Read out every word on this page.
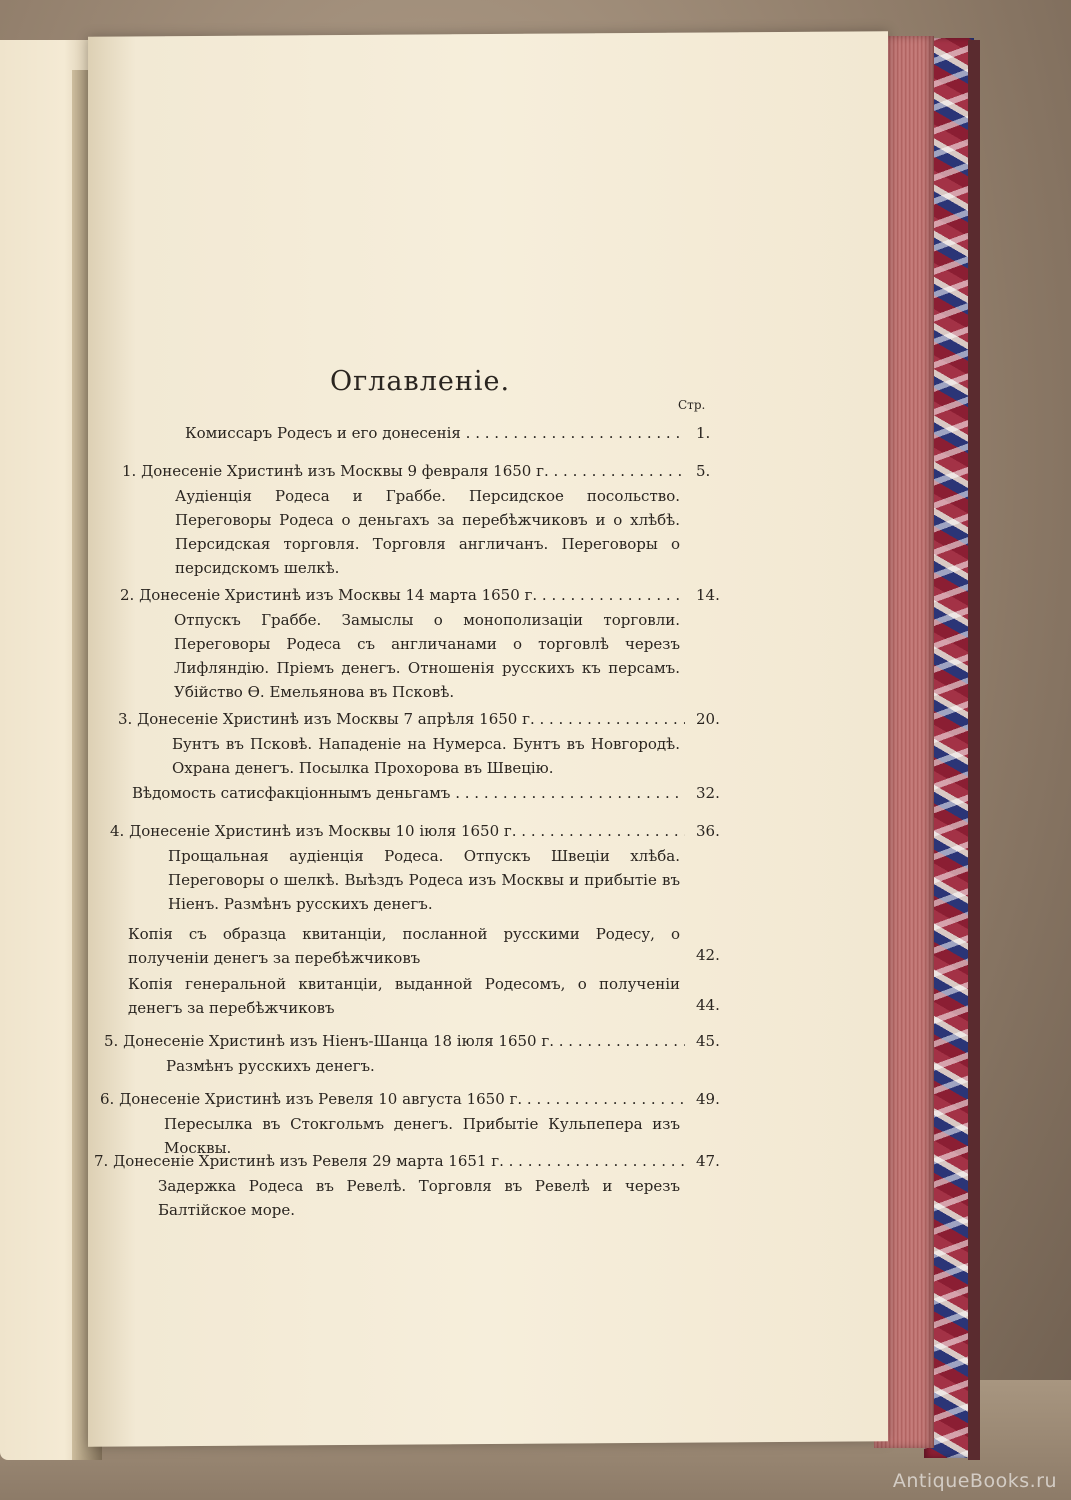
Оглавленіе.
Стр.
Комиссаръ Родесъ и его донесенія . . .	1.
1. Донесеніе Христинѣ изъ Москвы 9 февраля 1650 г. . . .	5.
Аудіенція Родеса и Граббе. Персидское посольство. Переговоры Родеса о деньгахъ за перебѣжчиковъ и о хлѣбѣ. Персидская торговля. Торговля англичанъ. Переговоры о персидскомъ шелкѣ.
2. Донесеніе Христинѣ изъ Москвы 14 марта 1650 г. . . .	14.
Отпускъ Граббе. Замыслы о монополизаціи торговли. Переговоры Родеса съ англичанами о торговлѣ черезъ Лифляндію. Пріемъ денегъ. Отношенія русскихъ къ персамъ. Убійство Ѳ. Емельянова въ Псковѣ.
3. Донесеніе Христинѣ изъ Москвы 7 апрѣля 1650 г. . . .	20.
Бунтъ въ Псковѣ. Нападеніе на Нумерса. Бунтъ въ Новгородѣ. Охрана денегъ. Посылка Прохорова въ Швецію.
Вѣдомость сатисфакціоннымъ деньгамъ . . .	32.
4. Донесеніе Христинѣ изъ Москвы 10 іюля 1650 г. . . .	36.
Прощальная аудіенція Родеса. Отпускъ Швеціи хлѣба. Переговоры о шелкѣ. Выѣздъ Родеса изъ Москвы и прибытіе въ Ніенъ. Размѣнъ русскихъ денегъ.
Копія съ образца квитанціи, посланной русскими Родесу, о полученіи денегъ за перебѣжчиковъ	42.
Копія генеральной квитанціи, выданной Родесомъ, о полученіи денегъ за перебѣжчиковъ	44.
5. Донесеніе Христинѣ изъ Ніенъ-Шанца 18 іюля 1650 г. . . .	45.
Размѣнъ русскихъ денегъ.
6. Донесеніе Христинѣ изъ Ревеля 10 августа 1650 г. . . .	49.
Пересылка въ Стокгольмъ денегъ. Прибытіе Кульпепера изъ Москвы.
7. Донесеніе Христинѣ изъ Ревеля 29 марта 1651 г. . . .	47.
Задержка Родеса въ Ревелѣ. Торговля въ Ревелѣ и черезъ Балтійское море.
AntiqueBooks.ru
